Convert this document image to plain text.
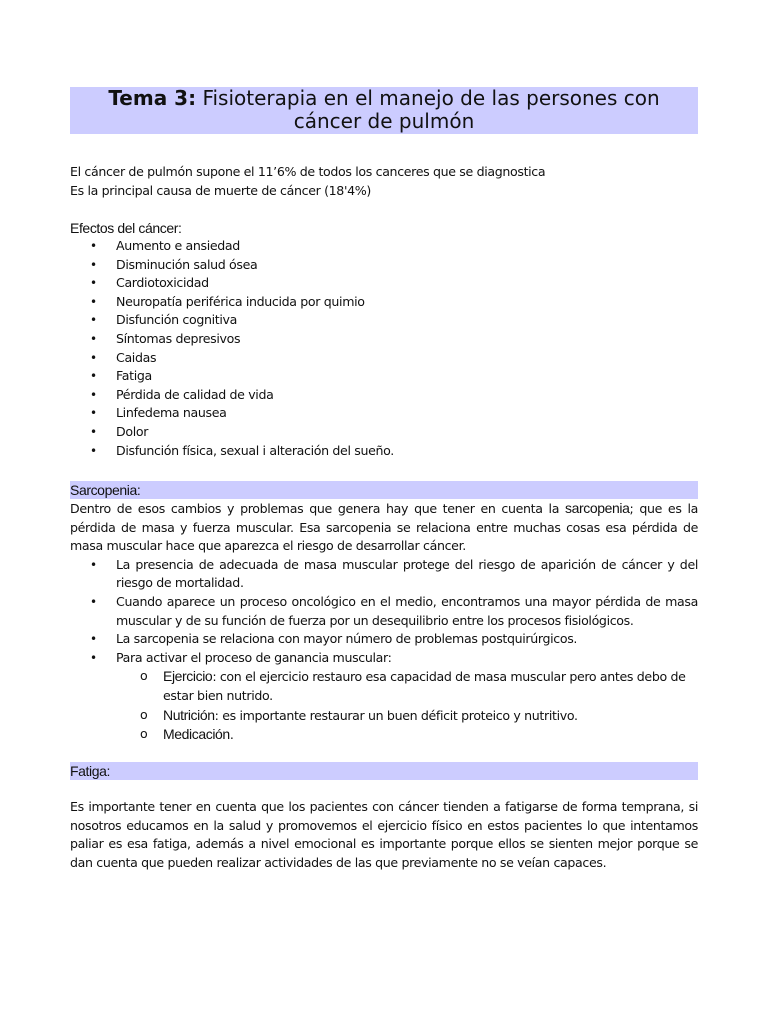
Tema 3: Fisioterapia en el manejo de las persones con
cáncer de pulmón

El cáncer de pulmón supone el 11’6% de todos los canceres que se diagnostica

Es la principal causa de muerte de cáncer (18'4%)

Efectos del cáncer:
• Aumento e ansiedad
• Disminución salud ósea
• Cardiotoxicidad
• Neuropatía periférica inducida por quimio
• Disfunción cognitiva
• Síntomas depresivos
• Caidas
• Fatiga
• Pérdida de calidad de vida
• Linfedema nausea
• Dolor
• Disfunción física, sexual i alteración del sueño.
Sarcopenia:

Dentro de esos cambios y problemas que genera hay que tener en cuenta la sarcopenia; que es la pérdida de masa y fuerza muscular. Esa sarcopenia se relaciona entre muchas cosas esa pérdida de masa muscular hace que aparezca el riesgo de desarrollar cáncer.

• La presencia de adecuada de masa muscular protege del riesgo de aparición de cáncer y del riesgo de mortalidad.
• Cuando aparece un proceso oncológico en el medio, encontramos una mayor pérdida de masa muscular y de su función de fuerza por un desequilibrio entre los procesos fisiológicos.
• La sarcopenia se relaciona con mayor número de problemas postquirúrgicos.
• Para activar el proceso de ganancia muscular:
o Ejercicio: con el ejercicio restauro esa capacidad de masa muscular pero antes debo de estar bien nutrido.
o Nutrición: es importante restaurar un buen déficit proteico y nutritivo.
o Medicación.
Fatiga:

Es importante tener en cuenta que los pacientes con cáncer tienden a fatigarse de forma temprana, si nosotros educamos en la salud y promovemos el ejercicio físico en estos pacientes lo que intentamos paliar es esa fatiga, además a nivel emocional es importante porque ellos se sienten mejor porque se dan cuenta que pueden realizar actividades de las que previamente no se veían capaces.
